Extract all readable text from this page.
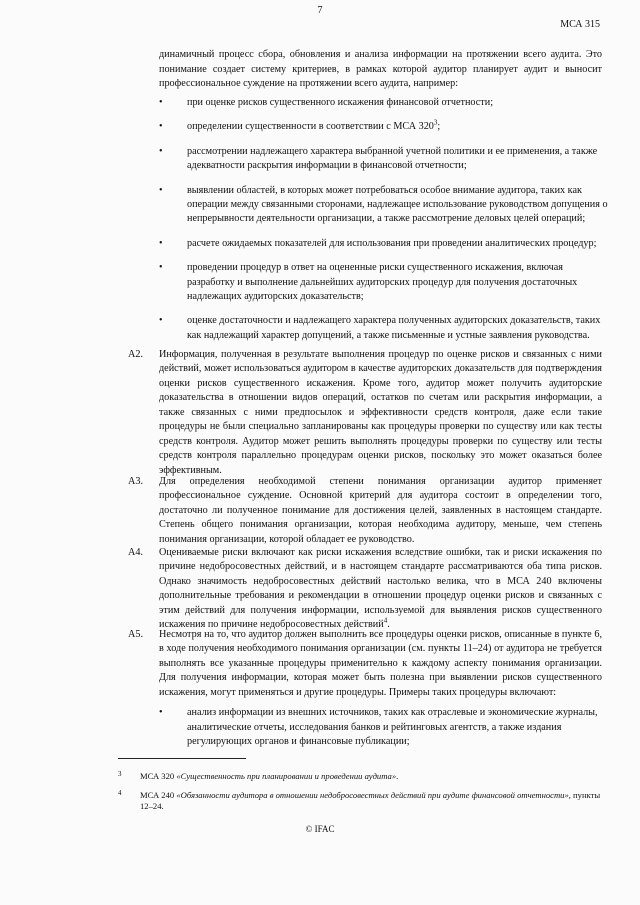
7
МСА 315

динамичный процесс сбора, обновления и анализа информации на протяжении всего аудита. Это понимание создает систему критериев, в рамках которой аудитор планирует аудит и выносит профессиональное суждение на протяжении всего аудита, например:

• при оценке рисков существенного искажения финансовой отчетности;
• определении существенности в соответствии с МСА $320^3$;
• рассмотрении надлежащего характера выбранной учетной политики и ее применения, а также адекватности раскрытия информации в финансовой отчетности;
• выявлении областей, в которых может потребоваться особое внимание аудитора, таких как операции между связанными сторонами, надлежащее использование руководством допущения о непрерывности деятельности организации, а также рассмотрение деловых целей операций;
• расчете ожидаемых показателей для использования при проведении аналитических процедур;
• проведении процедур в ответ на оцененные риски существенного искажения, включая разработку и выполнение дальнейших аудиторских процедур для получения достаточных надлежащих аудиторских доказательств;
• оценке достаточности и надлежащего характера полученных аудиторских доказательств, таких как надлежащий характер допущений, а также письменные и устные заявления руководства.
A2. Информация, полученная в результате выполнения процедур по оценке рисков и связанных с ними действий, может использоваться аудитором в качестве аудиторских доказательств для подтверждения оценки рисков существенного искажения. Кроме того, аудитор может получить аудиторские доказательства в отношении видов операций, остатков по счетам или раскрытия информации, а также связанных с ними предпосылок и эффективности средств контроля, даже если такие процедуры не были специально запланированы как процедуры проверки по существу или как тесты средств контроля. Аудитор может решить выполнять процедуры проверки по существу или тесты средств контроля параллельно процедурам оценки рисков, поскольку это может оказаться более эффективным.
A3. Для определения необходимой степени понимания организации аудитор применяет профессиональное суждение. Основной критерий для аудитора состоит в определении того, достаточно ли полученное понимание для достижения целей, заявленных в настоящем стандарте. Степень общего понимания организации, которая необходима аудитору, меньше, чем степень понимания организации, которой обладает ее руководство.
A4. Оцениваемые риски включают как риски искажения вследствие ошибки, так и риски искажения по причине недобросовестных действий, и в настоящем стандарте рассматриваются оба типа рисков. Однако значимость недобросовестных действий настолько велика, что в МСА 240 включены дополнительные требования и рекомендации в отношении процедур оценки рисков и связанных с этим действий для получения информации, используемой для выявления рисков существенного искажения по причине недобросовестных действий$^4$.
A5. Несмотря на то, что аудитор должен выполнить все процедуры оценки рисков, описанные в пункте 6, в ходе получения необходимого понимания организации (см. пункты 11–24) от аудитора не требуется выполнять все указанные процедуры применительно к каждому аспекту понимания организации. Для получения информации, которая может быть полезна при выявлении рисков существенного искажения, могут применяться и другие процедуры. Примеры таких процедуры включают:
• анализ информации из внешних источников, таких как отраслевые и экономические журналы, аналитические отчеты, исследования банков и рейтинговых агентств, а также издания регулирующих органов и финансовые публикации;
3 МСА 320 «Существенность при планировании и проведении аудита».
4 МСА 240 «Обязанности аудитора в отношении недобросовестных действий при аудите финансовой отчетности», пункты 12–24.
© IFAC
